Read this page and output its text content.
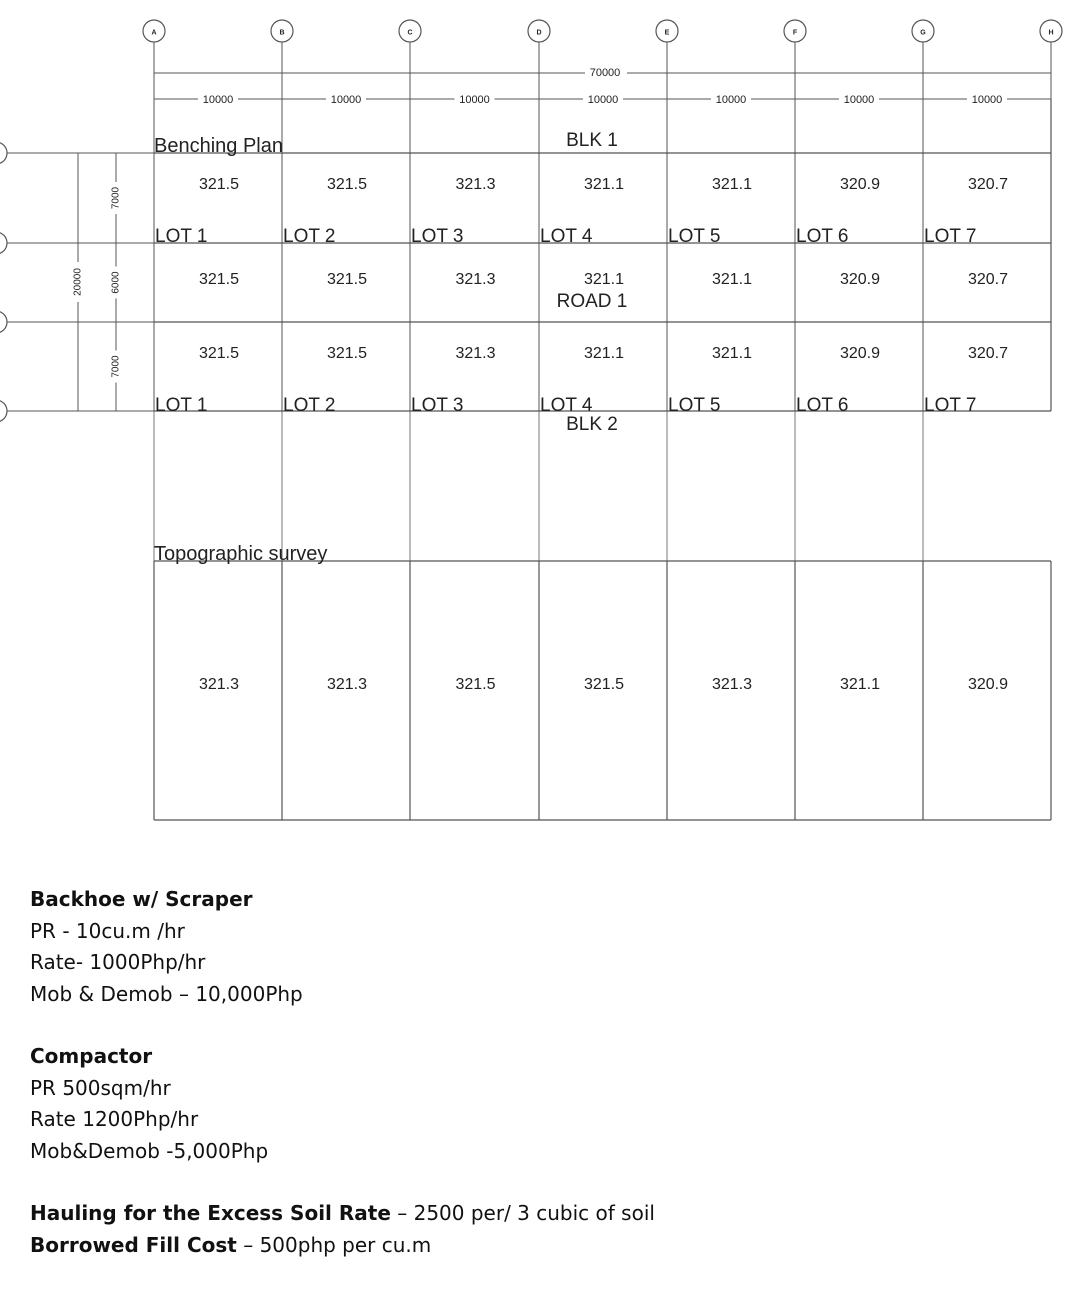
A	B	C	D	E	F	G	H
70000
10000	10000	10000	10000	10000	10000	10000
20000
7000
6000
7000
Benching Plan	BLK 1
ROAD 1
BLK 2
321.5	321.5	321.3	321.1	321.1	320.9	320.7
321.5	321.5	321.3	321.1	321.1	320.9	320.7
321.5	321.5	321.3	321.1	321.1	320.9	320.7
LOT 1	LOT 2	LOT 3	LOT 4	LOT 5	LOT 6	LOT 7
LOT 1	LOT 2	LOT 3	LOT 4	LOT 5	LOT 6	LOT 7
Topographic survey
321.3	321.3	321.5	321.5	321.3	321.1	320.9
Backhoe w/ Scraper
PR - 10cu.m /hr
Rate- 1000Php/hr
Mob & Demob – 10,000Php
Compactor
PR 500sqm/hr
Rate 1200Php/hr
Mob&Demob -5,000Php
Hauling for the Excess Soil Rate – 2500 per/ 3 cubic of soil
Borrowed Fill Cost – 500php per cu.m
